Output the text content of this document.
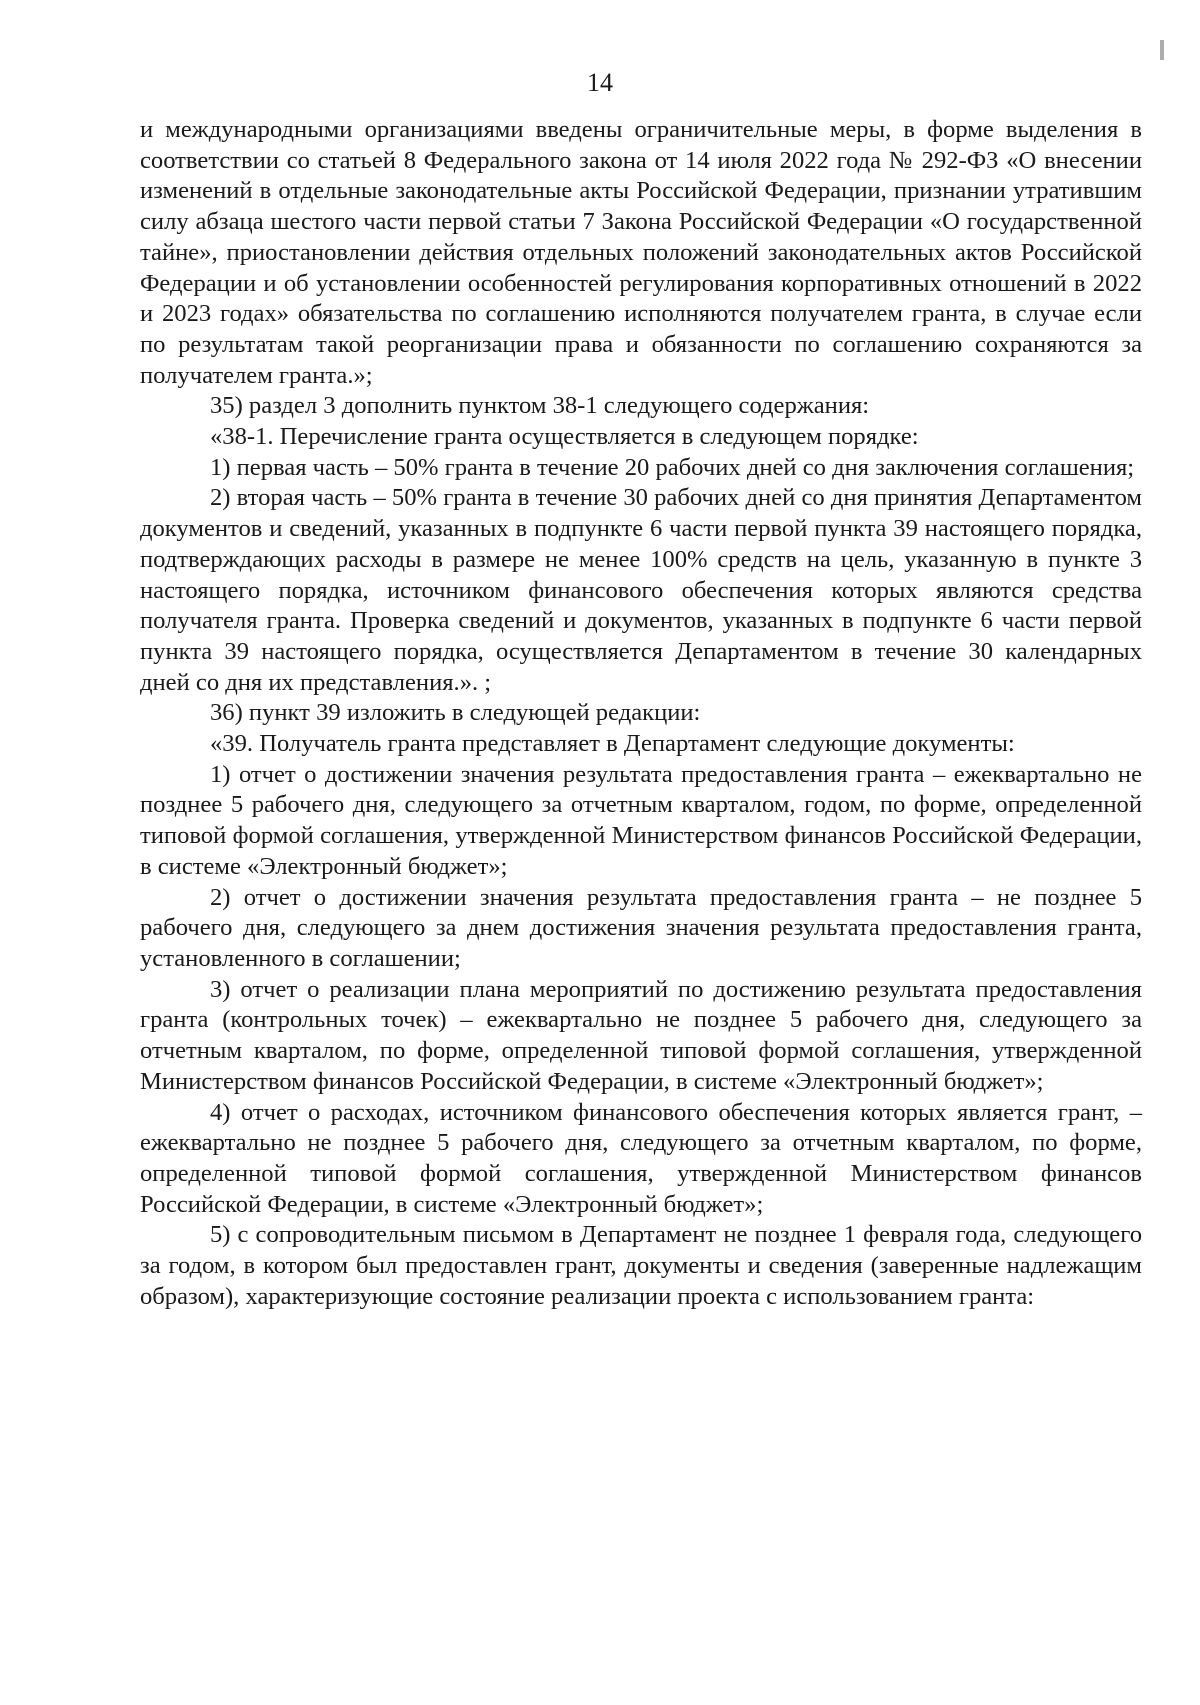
14

и международными организациями введены ограничительные меры, в форме выделения в соответствии со статьей 8 Федерального закона от 14 июля 2022 года № 292-ФЗ «О внесении изменений в отдельные законодательные акты Российской Федерации, признании утратившим силу абзаца шестого части первой статьи 7 Закона Российской Федерации «О государственной тайне», приостановлении действия отдельных положений законодательных актов Российской Федерации и об установлении особенностей регулирования корпоративных отношений в 2022 и 2023 годах» обязательства по соглашению исполняются получателем гранта, в случае если по результатам такой реорганизации права и обязанности по соглашению сохраняются за получателем гранта.»;

35) раздел 3 дополнить пунктом 38-1 следующего содержания:

«38-1. Перечисление гранта осуществляется в следующем порядке:

1) первая часть – 50% гранта в течение 20 рабочих дней со дня заключения соглашения;

2) вторая часть – 50% гранта в течение 30 рабочих дней со дня принятия Департаментом документов и сведений, указанных в подпункте 6 части первой пункта 39 настоящего порядка, подтверждающих расходы в размере не менее 100% средств на цель, указанную в пункте 3 настоящего порядка, источником финансового обеспечения которых являются средства получателя гранта. Проверка сведений и документов, указанных в подпункте 6 части первой пункта 39 настоящего порядка, осуществляется Департаментом в течение 30 календарных дней со дня их представления.». ;

36) пункт 39 изложить в следующей редакции:

«39. Получатель гранта представляет в Департамент следующие документы:

1) отчет о достижении значения результата предоставления гранта – ежеквартально не позднее 5 рабочего дня, следующего за отчетным кварталом, годом, по форме, определенной типовой формой соглашения, утвержденной Министерством финансов Российской Федерации, в системе «Электронный бюджет»;

2) отчет о достижении значения результата предоставления гранта – не позднее 5 рабочего дня, следующего за днем достижения значения результата предоставления гранта, установленного в соглашении;

3) отчет о реализации плана мероприятий по достижению результата предоставления гранта (контрольных точек) – ежеквартально не позднее 5 рабочего дня, следующего за отчетным кварталом, по форме, определенной типовой формой соглашения, утвержденной Министерством финансов Российской Федерации, в системе «Электронный бюджет»;

4) отчет о расходах, источником финансового обеспечения которых является грант, – ежеквартально не позднее 5 рабочего дня, следующего за отчетным кварталом, по форме, определенной типовой формой соглашения, утвержденной Министерством финансов Российской Федерации, в системе «Электронный бюджет»;

5) с сопроводительным письмом в Департамент не позднее 1 февраля года, следующего за годом, в котором был предоставлен грант, документы и сведения (заверенные надлежащим образом), характеризующие состояние реализации проекта с использованием гранта:
